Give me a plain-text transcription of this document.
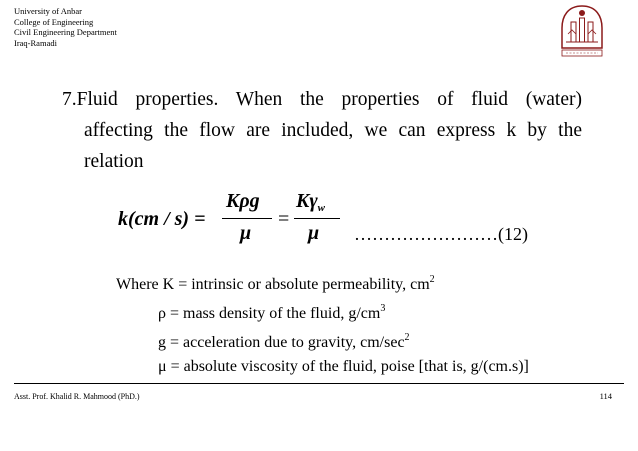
University of Anbar
College of Engineering
Civil Engineering Department
Iraq-Ramadi
7.Fluid properties. When the properties of fluid (water)
affecting the flow are included, we can express k by the
relation
k(cm / s) =
Kρg
μ
=
$K\gamma_w$
μ ……………………(12)
Where K = intrinsic or absolute permeability, $cm^2$
ρ = mass density of the fluid, $g/cm^3$
g = acceleration due to gravity, $cm/\sec^2$
μ = absolute viscosity of the fluid, poise [that is, g/(cm.s)]
Asst. Prof. Khalid R. Mahmood (PhD.)	114
